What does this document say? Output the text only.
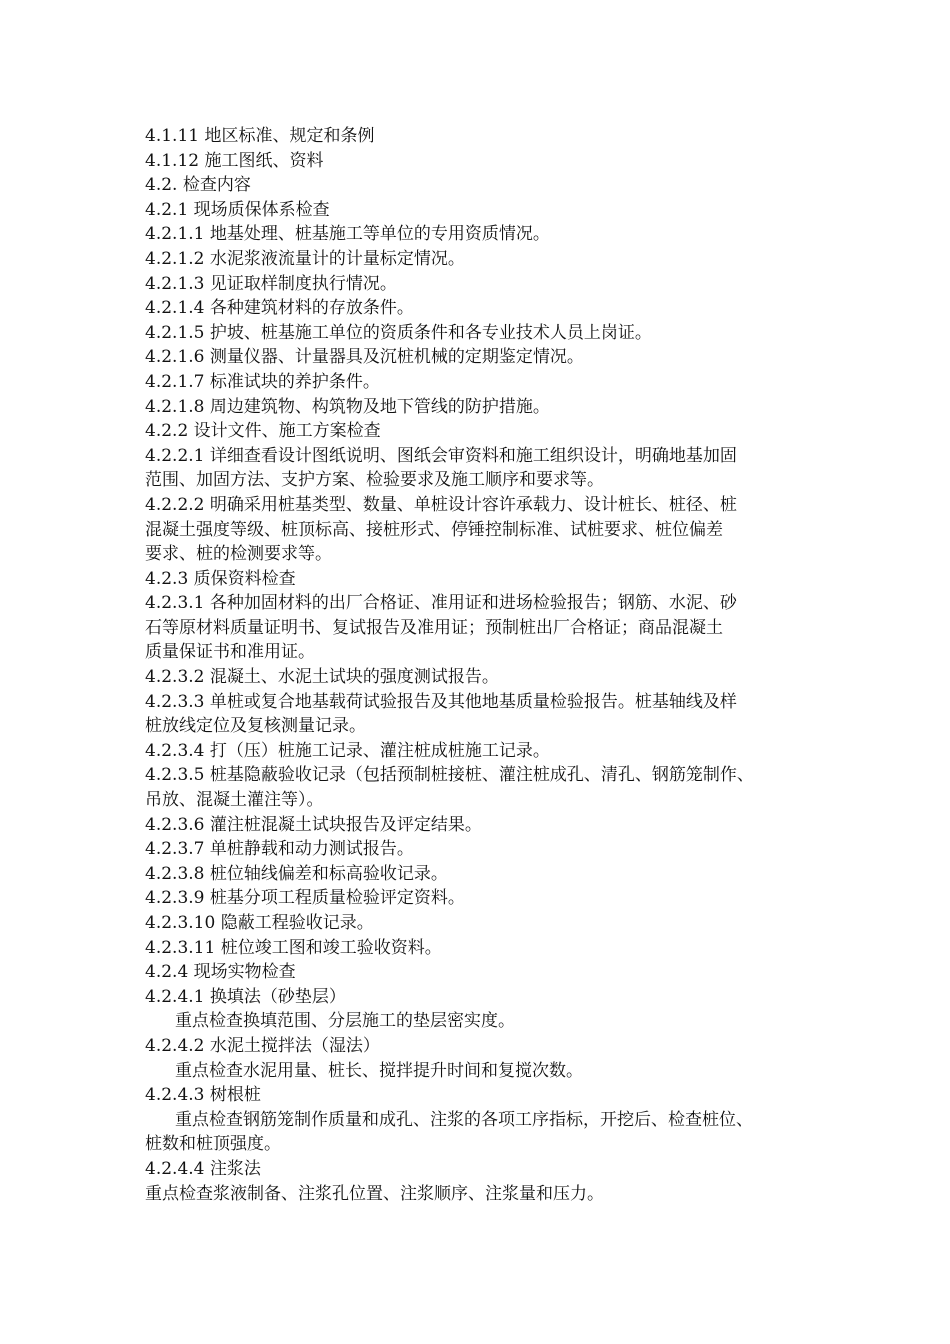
4.1.11 地区标准、规定和条例

4.1.12 施工图纸、资料

4.2. 检查内容

4.2.1 现场质保体系检查

4.2.1.1 地基处理、桩基施工等单位的专用资质情况。

4.2.1.2 水泥浆液流量计的计量标定情况。

4.2.1.3 见证取样制度执行情况。

4.2.1.4 各种建筑材料的存放条件。

4.2.1.5 护坡、桩基施工单位的资质条件和各专业技术人员上岗证。

4.2.1.6 测量仪器、计量器具及沉桩机械的定期鉴定情况。

4.2.1.7 标准试块的养护条件。

4.2.1.8 周边建筑物、构筑物及地下管线的防护措施。

4.2.2 设计文件、施工方案检查

4.2.2.1 详细查看设计图纸说明、图纸会审资料和施工组织设计，明确地基加固

范围、加固方法、支护方案、检验要求及施工顺序和要求等。

4.2.2.2 明确采用桩基类型、数量、单桩设计容许承载力、设计桩长、桩径、桩

混凝土强度等级、桩顶标高、接桩形式、停锤控制标准、试桩要求、桩位偏差

要求、桩的检测要求等。

4.2.3 质保资料检查

4.2.3.1 各种加固材料的出厂合格证、准用证和进场检验报告；钢筋、水泥、砂

石等原材料质量证明书、复试报告及准用证；预制桩出厂合格证；商品混凝土

质量保证书和准用证。

4.2.3.2 混凝土、水泥土试块的强度测试报告。

4.2.3.3 单桩或复合地基载荷试验报告及其他地基质量检验报告。桩基轴线及样

桩放线定位及复核测量记录。

4.2.3.4 打（压）桩施工记录、灌注桩成桩施工记录。

4.2.3.5 桩基隐蔽验收记录（包括预制桩接桩、灌注桩成孔、清孔、钢筋笼制作、

吊放、混凝土灌注等）。

4.2.3.6 灌注桩混凝土试块报告及评定结果。

4.2.3.7 单桩静载和动力测试报告。

4.2.3.8 桩位轴线偏差和标高验收记录。

4.2.3.9 桩基分项工程质量检验评定资料。

4.2.3.10 隐蔽工程验收记录。

4.2.3.11 桩位竣工图和竣工验收资料。

4.2.4 现场实物检查

4.2.4.1 换填法（砂垫层）

重点检查换填范围、分层施工的垫层密实度。

4.2.4.2 水泥土搅拌法（湿法）

重点检查水泥用量、桩长、搅拌提升时间和复搅次数。

4.2.4.3 树根桩

重点检查钢筋笼制作质量和成孔、注浆的各项工序指标，开挖后、检查桩位、

桩数和桩顶强度。

4.2.4.4 注浆法

重点检查浆液制备、注浆孔位置、注浆顺序、注浆量和压力。
